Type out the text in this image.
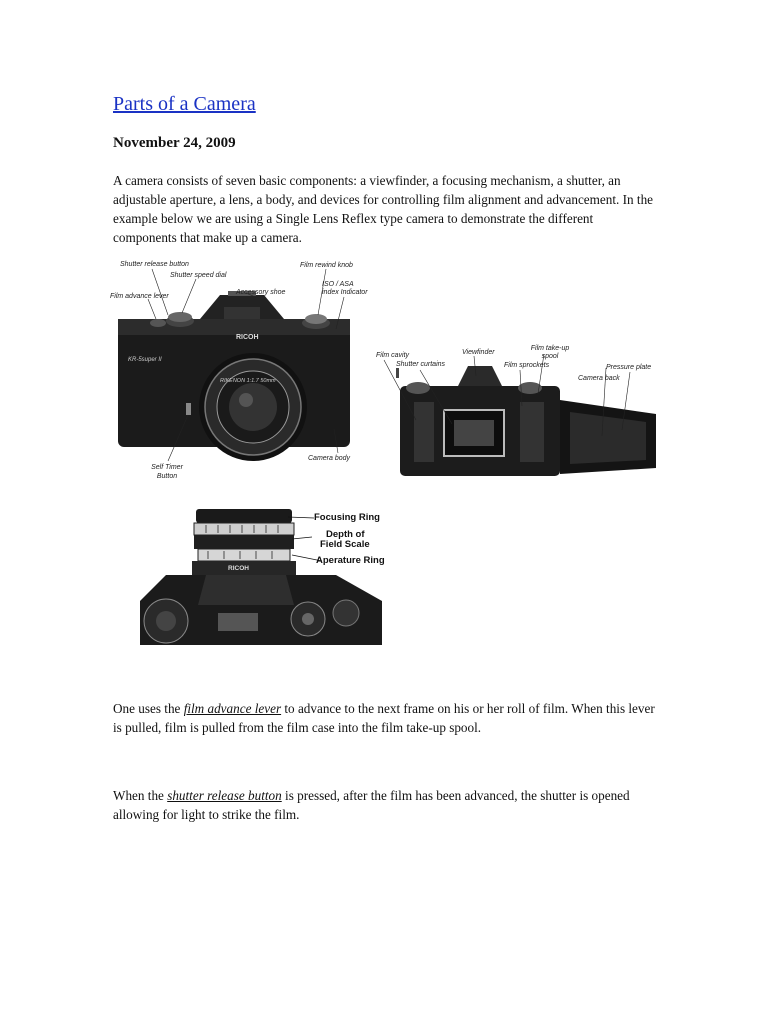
Parts of a Camera

November 24, 2009

A camera consists of seven basic components: a viewfinder, a focusing mechanism, a shutter, an adjustable aperture, a lens, a body, and devices for controlling film alignment and advancement. In the example below we are using a Single Lens Reflex type camera to demonstrate the different components that make up a camera.

Shutter release button
Shutter speed dial
Film rewind knob
ISO / ASA
index Indicator
Film advance lever
Accessory shoe
Camera body
Self Timer
Button
RICOH
KR-5super II
RIKENON 1:1.7 50mm
Film cavity
Shutter curtains
Viewfinder
Film sprockets
Film take-up
spool
Pressure plate
Camera back
Focusing Ring
Depth of
Field Scale
Aperature Ring
RICOH

One uses the film advance lever to advance to the next frame on his or her roll of film. When this lever is pulled, film is pulled from the film case into the film take-up spool.

When the shutter release button is pressed, after the film has been advanced, the shutter is opened allowing for light to strike the film.
